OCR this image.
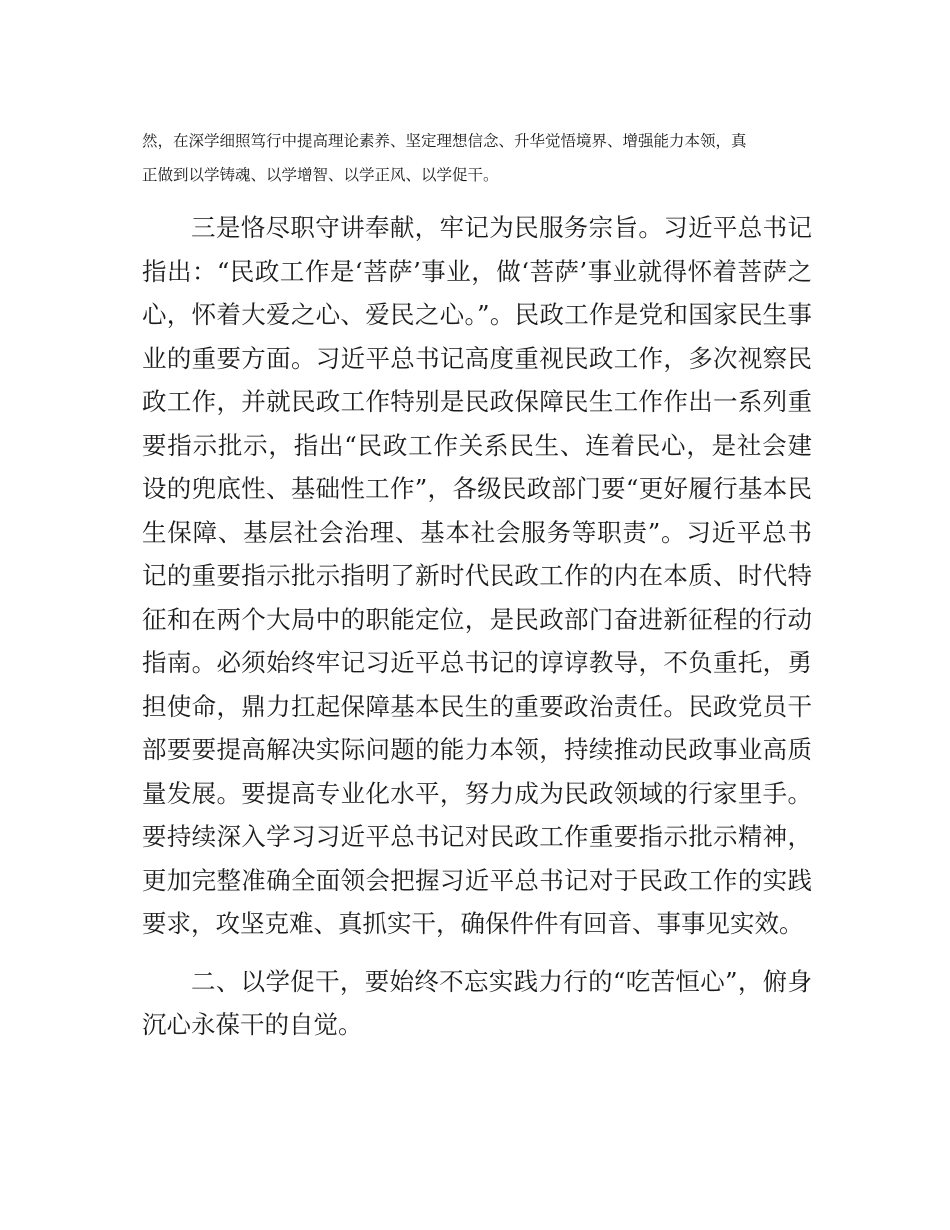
然，在深学细照笃行中提高理论素养、坚定理想信念、升华觉悟境界、增强能力本领，真
正做到以学铸魂、以学增智、以学正风、以学促干。

三是恪尽职守讲奉献，牢记为民服务宗旨。习近平总书记指出：“民政工作是‘菩萨’事业，做‘菩萨’事业就得怀着菩萨之心，怀着大爱之心、爱民之心。”。民政工作是党和国家民生事业的重要方面。习近平总书记高度重视民政工作，多次视察民政工作，并就民政工作特别是民政保障民生工作作出一系列重要指示批示，指出“民政工作关系民生、连着民心，是社会建设的兜底性、基础性工作”，各级民政部门要“更好履行基本民生保障、基层社会治理、基本社会服务等职责”。习近平总书记的重要指示批示指明了新时代民政工作的内在本质、时代特征和在两个大局中的职能定位，是民政部门奋进新征程的行动指南。必须始终牢记习近平总书记的谆谆教导，不负重托，勇担使命，鼎力扛起保障基本民生的重要政治责任。民政党员干部要要提高解决实际问题的能力本领，持续推动民政事业高质量发展。要提高专业化水平，努力成为民政领域的行家里手。要持续深入学习习近平总书记对民政工作重要指示批示精神，更加完整准确全面领会把握习近平总书记对于民政工作的实践要求，攻坚克难、真抓实干，确保件件有回音、事事见实效。

二、以学促干，要始终不忘实践力行的“吃苦恒心”，俯身沉心永葆干的自觉。
